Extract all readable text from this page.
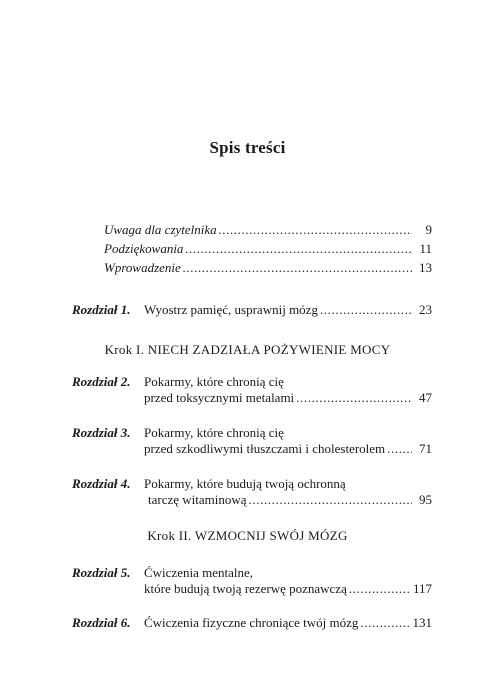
Spis treści
Uwaga dla czytelnika .....	9
Podziękowania .....	11
Wprowadzenie .....	13
Rozdział 1.	Wyostrz pamięć, usprawnij mózg .....	23
Krok I. NIECH ZADZIAŁA POŻYWIENIE MOCY
Rozdział 2.	Pokarmy, które chronią cię
przed toksycznymi metalami .....	47
Rozdział 3.	Pokarmy, które chronią cię
przed szkodliwymi tłuszczami i cholesterolem .....	71
Rozdział 4.	Pokarmy, które budują twoją ochronną
tarczę witaminową .....	95
Krok II. WZMOCNIJ SWÓJ MÓZG
Rozdział 5.	Ćwiczenia mentalne,
które budują twoją rezerwę poznawczą .....	117
Rozdział 6.	Ćwiczenia fizyczne chroniące twój mózg .....	131
